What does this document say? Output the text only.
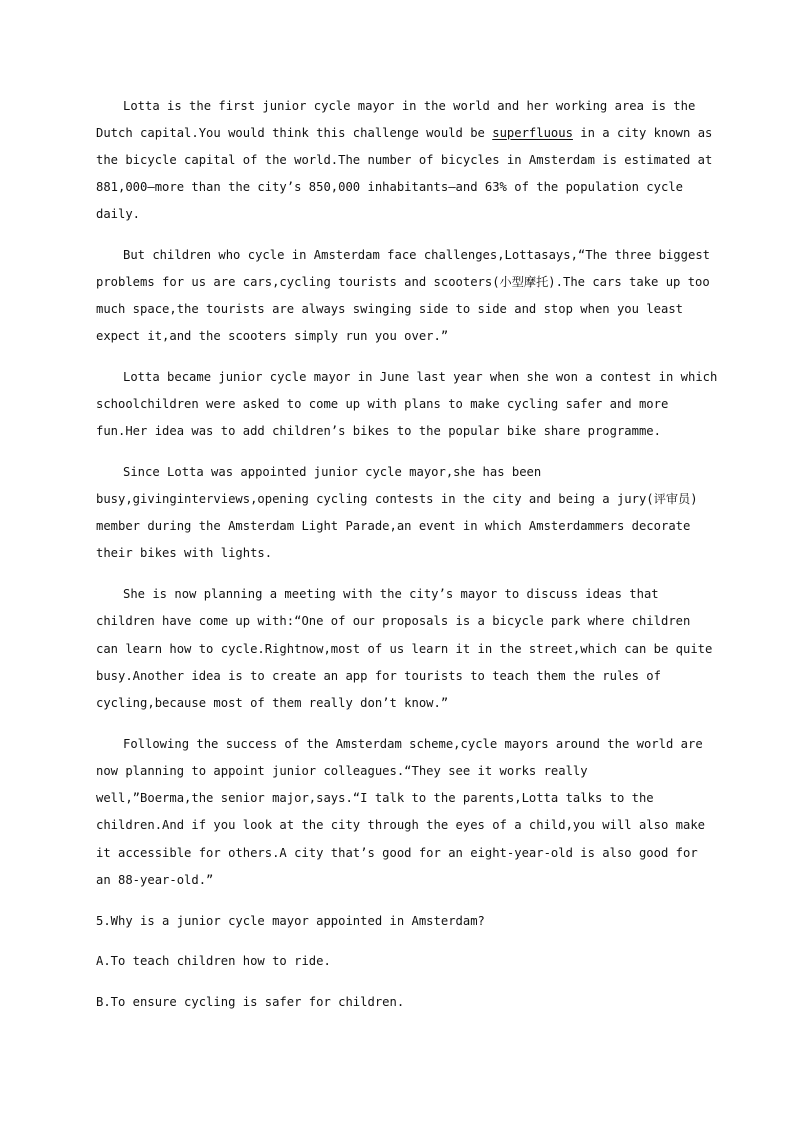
Lotta is the first junior cycle mayor in the world and her working area is the
Dutch capital.You would think this challenge would be superfluous in a city known as
the bicycle capital of the world.The number of bicycles in Amsterdam is estimated at
881,000—more than the city’s 850,000 inhabitants—and 63% of the population cycle
daily.
But children who cycle in Amsterdam face challenges,Lottasays,“The three biggest
problems for us are cars,cycling tourists and scooters(小型摩托).The cars take up too
much space,the tourists are always swinging side to side and stop when you least
expect it,and the scooters simply run you over.”
Lotta became junior cycle mayor in June last year when she won a contest in which
schoolchildren were asked to come up with plans to make cycling safer and more
fun.Her idea was to add children’s bikes to the popular bike share programme.
Since Lotta was appointed junior cycle mayor,she has been
busy,givinginterviews,opening cycling contests in the city and being a jury(评审员)
member during the Amsterdam Light Parade,an event in which Amsterdammers decorate
their bikes with lights.
She is now planning a meeting with the city’s mayor to discuss ideas that
children have come up with:“One of our proposals is a bicycle park where children
can learn how to cycle.Rightnow,most of us learn it in the street,which can be quite
busy.Another idea is to create an app for tourists to teach them the rules of
cycling,because most of them really don’t know.”
Following the success of the Amsterdam scheme,cycle mayors around the world are
now planning to appoint junior colleagues.“They see it works really
well,”Boerma,the senior major,says.“I talk to the parents,Lotta talks to the
children.And if you look at the city through the eyes of a child,you will also make
it accessible for others.A city that’s good for an eight-year-old is also good for
an 88-year-old.”
5.Why is a junior cycle mayor appointed in Amsterdam?
A.To teach children how to ride.
B.To ensure cycling is safer for children.
